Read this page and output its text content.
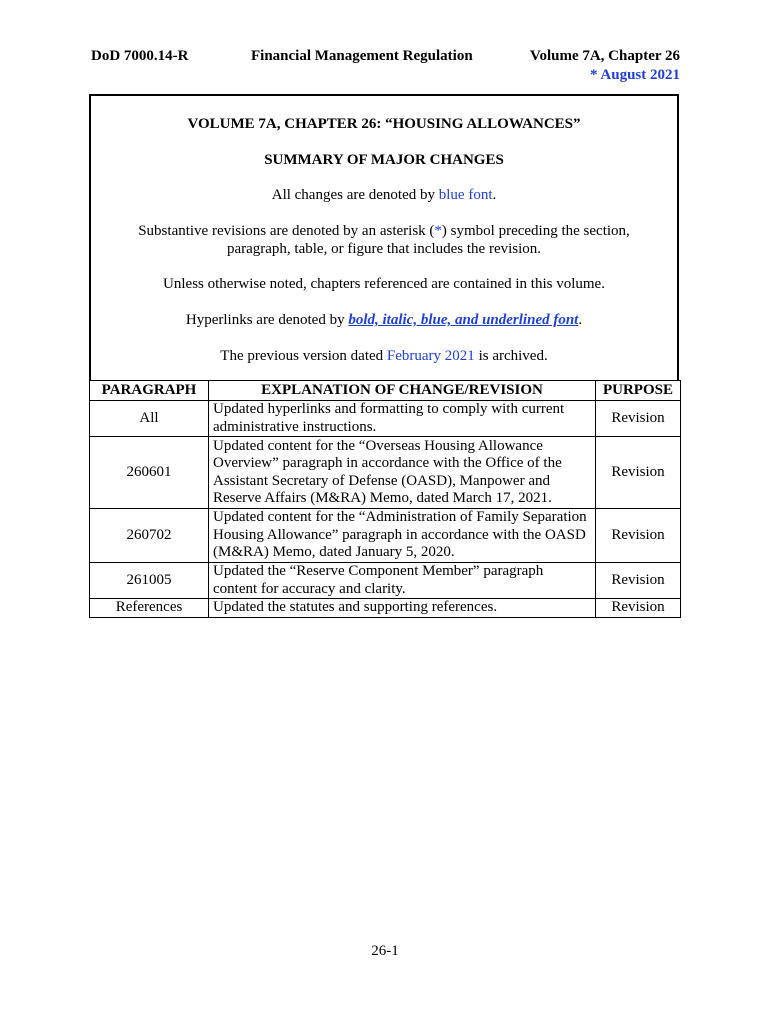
DoD 7000.14-R	Financial Management Regulation	Volume 7A, Chapter 26
* August 2021
VOLUME 7A, CHAPTER 26: “HOUSING ALLOWANCES”
SUMMARY OF MAJOR CHANGES
All changes are denoted by blue font.
Substantive revisions are denoted by an asterisk (*) symbol preceding the section,
paragraph, table, or figure that includes the revision.
Unless otherwise noted, chapters referenced are contained in this volume.
Hyperlinks are denoted by bold, italic, blue, and underlined font.
The previous version dated February 2021 is archived.
PARAGRAPH	EXPLANATION OF CHANGE/REVISION	PURPOSE
All	Updated hyperlinks and formatting to comply with current administrative instructions.	Revision
260601	Updated content for the “Overseas Housing Allowance Overview” paragraph in accordance with the Office of the Assistant Secretary of Defense (OASD), Manpower and Reserve Affairs (M&RA) Memo, dated March 17, 2021.	Revision
260702	Updated content for the “Administration of Family Separation Housing Allowance” paragraph in accordance with the OASD (M&RA) Memo, dated January 5, 2020.	Revision
261005	Updated the “Reserve Component Member” paragraph content for accuracy and clarity.	Revision
References	Updated the statutes and supporting references.	Revision
26-1
